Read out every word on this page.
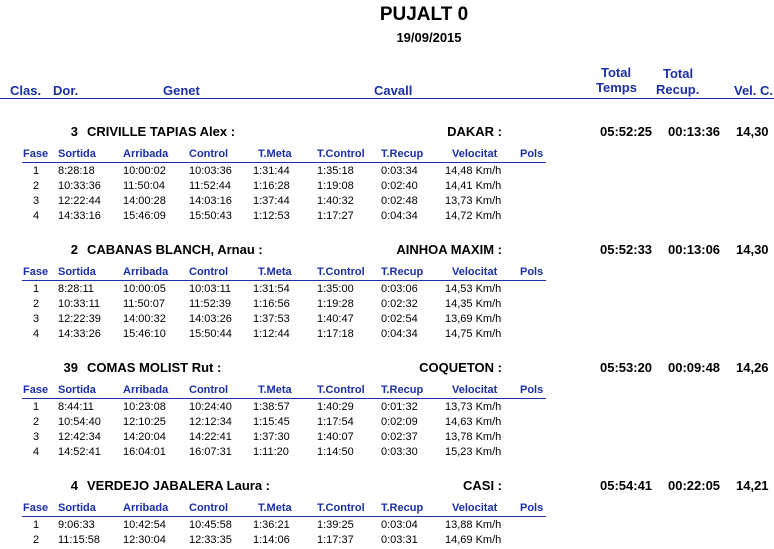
PUJALT 0
19/09/2015
Clas. Dor.	Genet	Cavall
Total
Temps
Total
Recup.	Vel. C.
3 CRIVILLE TAPIAS Alex :	DAKAR :	05:52:25 00:13:36 14,30
Fase Sortida Arribada Control	T.Meta T.Control T.Recup	Velocitat Pols
1 8:28:18	10:00:02 10:03:36 1:31:44 1:35:18 0:03:34 14,48 Km/h
2 10:33:36 11:50:04 11:52:44 1:16:28 1:19:08 0:02:40 14,41 Km/h
3 12:22:44 14:00:28 14:03:16 1:37:44 1:40:32 0:02:48 13,73 Km/h
4 14:33:16 15:46:09 15:50:43 1:12:53 1:17:27 0:04:34 14,72 Km/h
2 CABANAS BLANCH, Arnau :	AINHOA MAXIM :	05:52:33 00:13:06 14,30
Fase Sortida Arribada Control	T.Meta T.Control T.Recup	Velocitat Pols
1 8:28:11	10:00:05 10:03:11 1:31:54 1:35:00 0:03:06 14,53 Km/h
2 10:33:11 11:50:07 11:52:39 1:16:56 1:19:28 0:02:32 14,35 Km/h
3 12:22:39 14:00:32 14:03:26 1:37:53 1:40:47 0:02:54 13,69 Km/h
4 14:33:26 15:46:10 15:50:44 1:12:44 1:17:18 0:04:34 14,75 Km/h
39 COMAS MOLIST Rut :	COQUETON :	05:53:20 00:09:48 14,26
Fase Sortida Arribada Control	T.Meta T.Control T.Recup	Velocitat Pols
1 8:44:11	10:23:08 10:24:40 1:38:57 1:40:29 0:01:32 13,73 Km/h
2 10:54:40 12:10:25 12:12:34 1:15:45 1:17:54 0:02:09 14,63 Km/h
3 12:42:34 14:20:04 14:22:41 1:37:30 1:40:07 0:02:37 13,78 Km/h
4 14:52:41 16:04:01 16:07:31 1:11:20	1:14:50 0:03:30 15,23 Km/h
4 VERDEJO JABALERA Laura :	CASI :	05:54:41 00:22:05 14,21
Fase Sortida Arribada Control	T.Meta T.Control T.Recup	Velocitat Pols
1 9:06:33	10:42:54 10:45:58 1:36:21 1:39:25 0:03:04 13,88 Km/h
2 11:15:58 12:30:04 12:33:35 1:14:06 1:17:37 0:03:31 14,69 Km/h
